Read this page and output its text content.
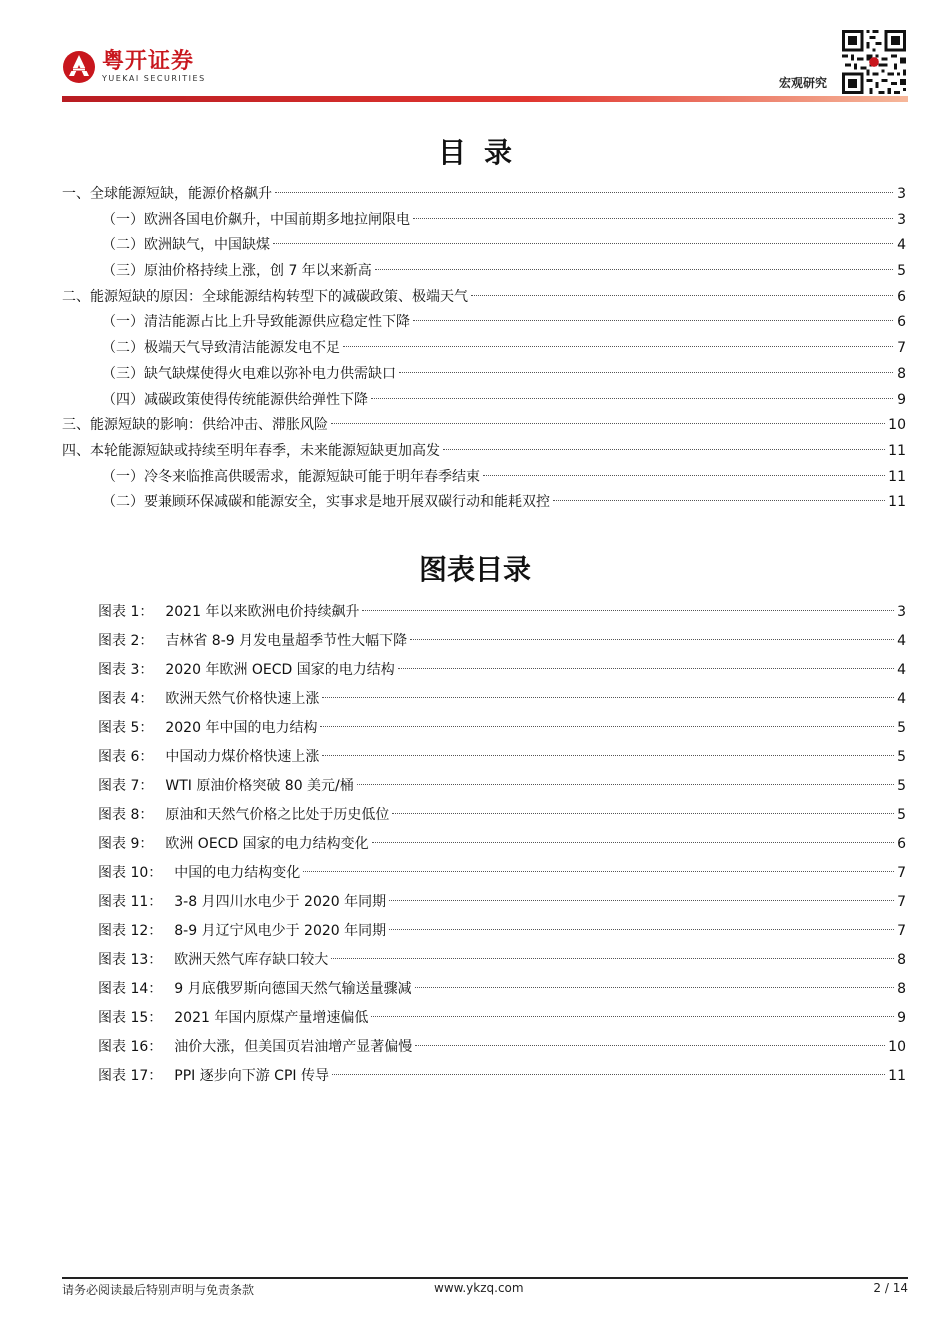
粤开证券
YUEKAI SECURITIES	宏观研究
目录
一、全球能源短缺，能源价格飙升	3
（一）欧洲各国电价飙升，中国前期多地拉闸限电	3
（二）欧洲缺气，中国缺煤	4
（三）原油价格持续上涨，创 7 年以来新高	5
二、能源短缺的原因：全球能源结构转型下的减碳政策、极端天气	6
（一）清洁能源占比上升导致能源供应稳定性下降	6
（二）极端天气导致清洁能源发电不足	7
（三）缺气缺煤使得火电难以弥补电力供需缺口	8
（四）减碳政策使得传统能源供给弹性下降	9
三、能源短缺的影响：供给冲击、滞胀风险	10
四、本轮能源短缺或持续至明年春季，未来能源短缺更加高发	11
（一）冷冬来临推高供暖需求，能源短缺可能于明年春季结束	11
（二）要兼顾环保减碳和能源安全，实事求是地开展双碳行动和能耗双控	11
图表目录
图表 1： 2021 年以来欧洲电价持续飙升	3
图表 2： 吉林省 8-9 月发电量超季节性大幅下降	4
图表 3： 2020 年欧洲 OECD 国家的电力结构	4
图表 4： 欧洲天然气价格快速上涨	4
图表 5： 2020 年中国的电力结构	5
图表 6： 中国动力煤价格快速上涨	5
图表 7： WTI 原油价格突破 80 美元/桶	5
图表 8： 原油和天然气价格之比处于历史低位	5
图表 9： 欧洲 OECD 国家的电力结构变化	6
图表 10： 中国的电力结构变化	7
图表 11： 3-8 月四川水电少于 2020 年同期	7
图表 12： 8-9 月辽宁风电少于 2020 年同期	7
图表 13： 欧洲天然气库存缺口较大	8
图表 14： 9 月底俄罗斯向德国天然气输送量骤减	8
图表 15： 2021 年国内原煤产量增速偏低	9
图表 16： 油价大涨，但美国页岩油增产显著偏慢	10
图表 17： PPI 逐步向下游 CPI 传导	11
请务必阅读最后特别声明与免责条款	www.ykzq.com	2 / 14
